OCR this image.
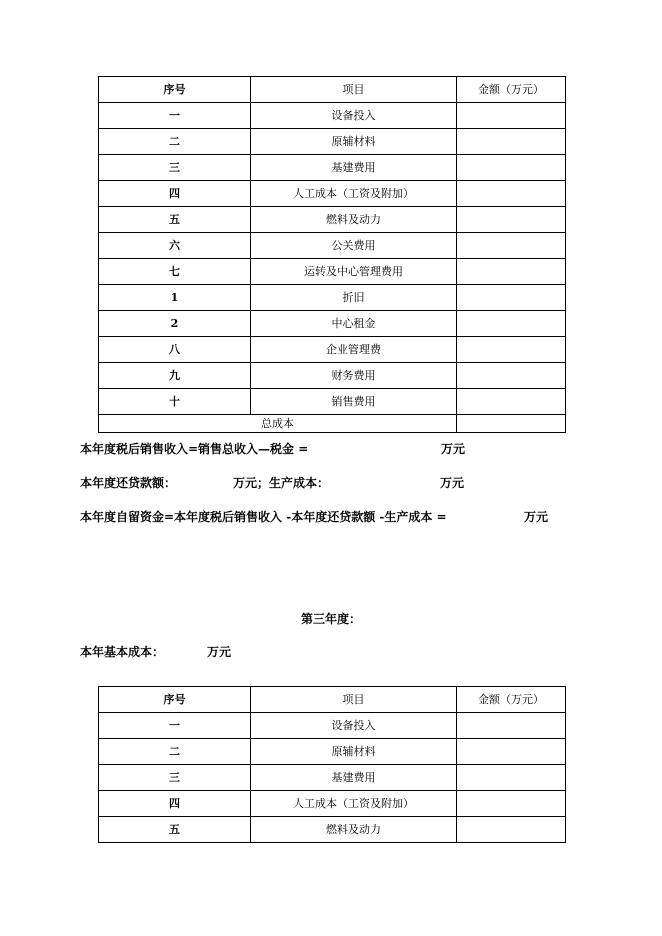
序号	项目	金额（万元）
一	设备投入	
二	原辅材料	
三	基建费用	
四	人工成本（工资及附加）	
五	燃料及动力	
六	公关费用	
七	运转及中心管理费用	
1	折旧	
2	中心租金	
八	企业管理费	
九	财务费用	
十	销售费用	
总成本		
本年度税后销售收入=销售总收入—税金 =	万元
本年度还贷款额：	万元；生产成本：	万元
本年度自留资金=本年度税后销售收入 -本年度还贷款额 -生产成本 =	万元
第三年度：
本年基本成本：	万元
序号	项目	金额（万元）
一	设备投入	
二	原辅材料	
三	基建费用	
四	人工成本（工资及附加）	
五	燃料及动力	
